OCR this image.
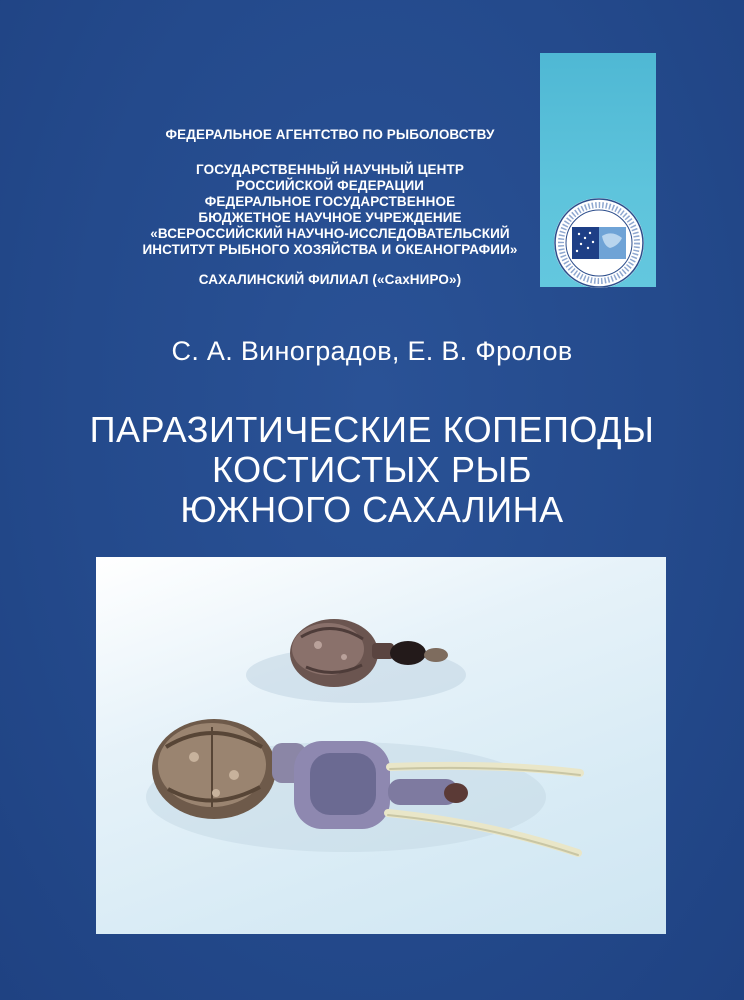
ФЕДЕРАЛЬНОЕ АГЕНТСТВО ПО РЫБОЛОВСТВУ
ГОСУДАРСТВЕННЫЙ НАУЧНЫЙ ЦЕНТР
РОССИЙСКОЙ ФЕДЕРАЦИИ
ФЕДЕРАЛЬНОЕ ГОСУДАРСТВЕННОЕ
БЮДЖЕТНОЕ НАУЧНОЕ УЧРЕЖДЕНИЕ
«ВСЕРОССИЙСКИЙ НАУЧНО-ИССЛЕДОВАТЕЛЬСКИЙ
ИНСТИТУТ РЫБНОГО ХОЗЯЙСТВА И ОКЕАНОГРАФИИ»
САХАЛИНСКИЙ ФИЛИАЛ («СахНИРО»)
С. А. Виноградов, Е. В. Фролов
ПАРАЗИТИЧЕСКИЕ КОПЕПОДЫ
КОСТИСТЫХ РЫБ
ЮЖНОГО САХАЛИНА
